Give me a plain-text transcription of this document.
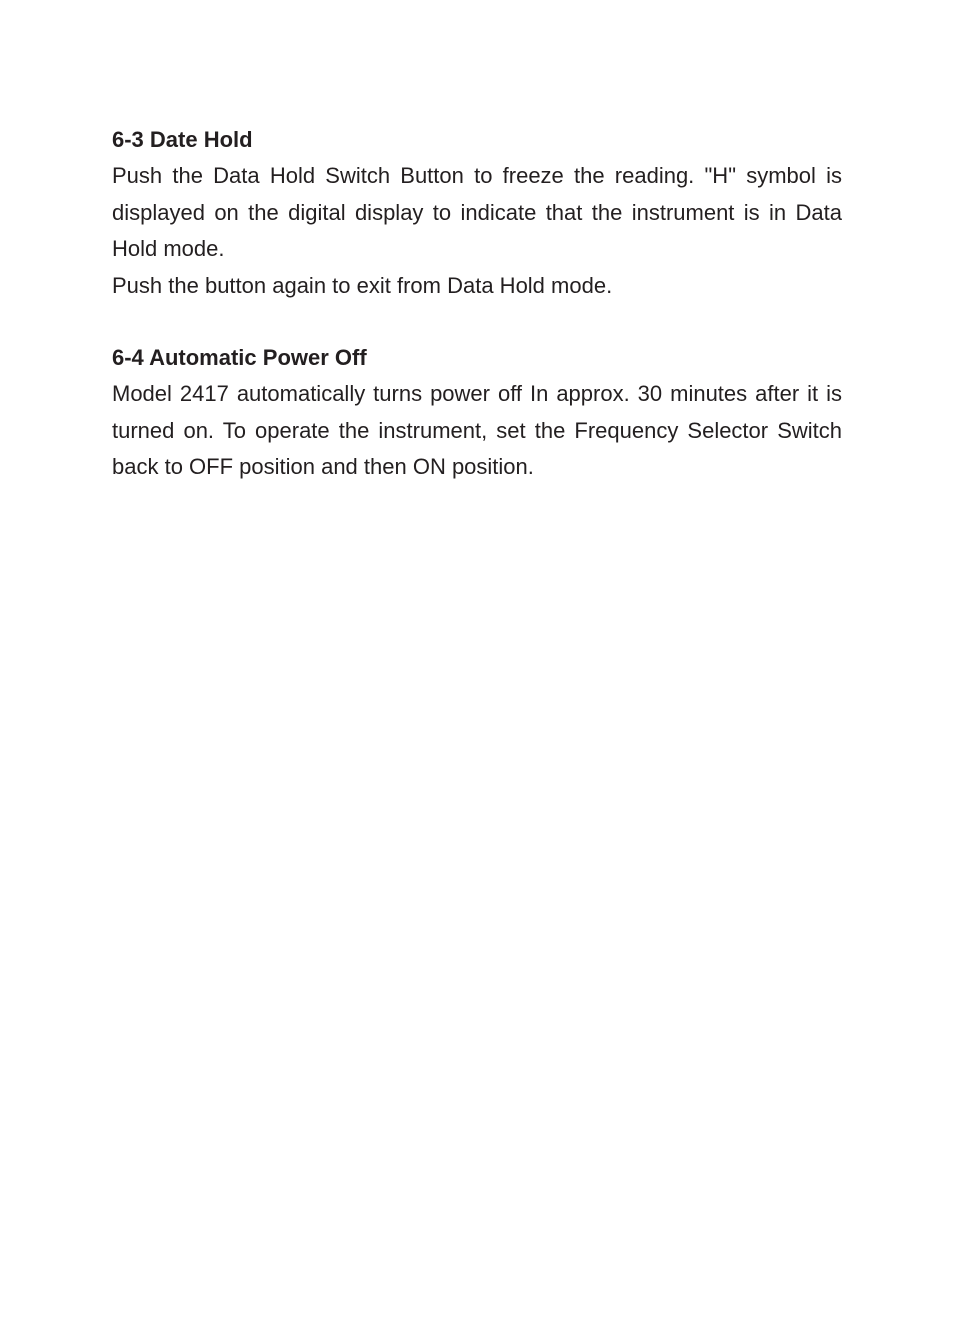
6-3 Date Hold

Push the Data Hold Switch Button to freeze the reading. "H" symbol is displayed on the digital display to indicate that the instrument is in Data Hold mode.

Push the button again to exit from Data Hold mode.

6-4 Automatic Power Off

Model 2417 automatically turns power off In approx. 30 minutes after it is turned on. To operate the instrument, set the Frequency Selector Switch back to OFF position and then ON position.
